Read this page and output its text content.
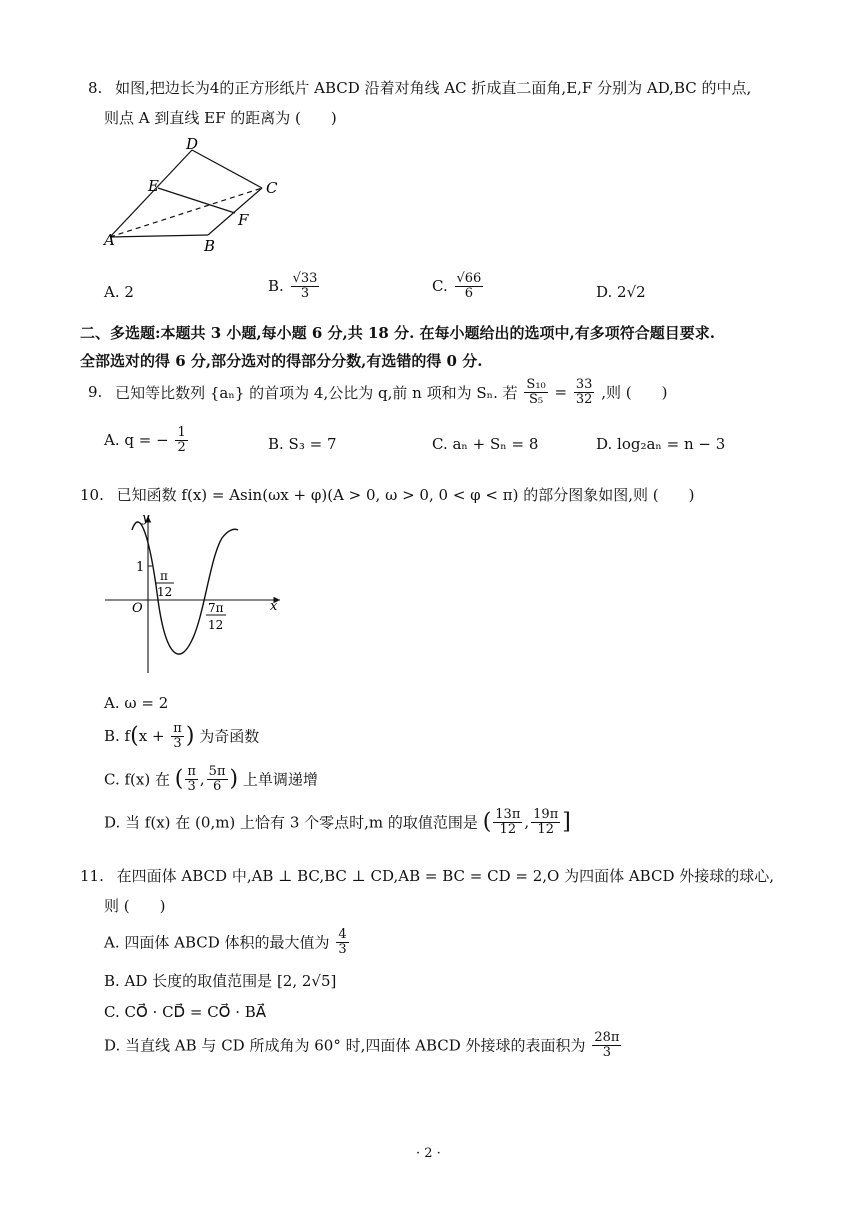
8. 如图,把边长为4的正方形纸片 ABCD 沿着对角线 AC 折成直二面角,E,F 分别为 AD,BC 的中点,
则点 A 到直线 EF 的距离为 (　　)
D
E	C
F
A	B
A. 2	B. $\frac{√33}{3}$	C. $\frac{√66}{6}$	D. 2√2
二、多选题:本题共 3 小题,每小题 6 分,共 18 分. 在每小题给出的选项中,有多项符合题目要求.
全部选对的得 6 分,部分选对的得部分分数,有选错的得 0 分.
9. 已知等比数列 {aₙ} 的首项为 4,公比为 q,前 n 项和为 Sₙ. 若 $\frac{\text{S₁₀}}{\text{S₅}} = \frac{33}{32}$ ,则 (　　)
A. q = − $\frac{1}{2}$	B. S₃ = 7	C. aₙ + Sₙ = 8	D. log₂aₙ = n − 3
10. 已知函数 f(x) = Asin(ωx + φ)(A > 0, ω > 0, 0 < φ < π) 的部分图象如图,则 (　　)
1
y
x
O
π
12
7π
12
A. ω = 2
B. $f(x + \frac{\pi}{3}$ ) 为奇函数
C. f(x) 在 ( $\frac{\pi}{3}$ , $\frac{5\pi}{6}$ ) 上单调递增
D. 当 f(x) 在 (0,m) 上恰有 3 个零点时,m 的取值范围是 ( $\frac{13\pi}{12}$ , $\frac{19\pi}{12}$ ]
11. 在四面体 ABCD 中,AB ⊥ BC,BC ⊥ CD,AB = BC = CD = 2,O 为四面体 ABCD 外接球的球心,
则 (　　)
A. 四面体 ABCD 体积的最大值为 $\frac{4}{3}$
B. AD 长度的取值范围是 [2, 2√5]
C. CO⃗ · CD⃗ = CO⃗ · BA⃗
D. 当直线 AB 与 CD 所成角为 60° 时,四面体 ABCD 外接球的表面积为 $\frac{28\pi}{3}$
· 2 ·
